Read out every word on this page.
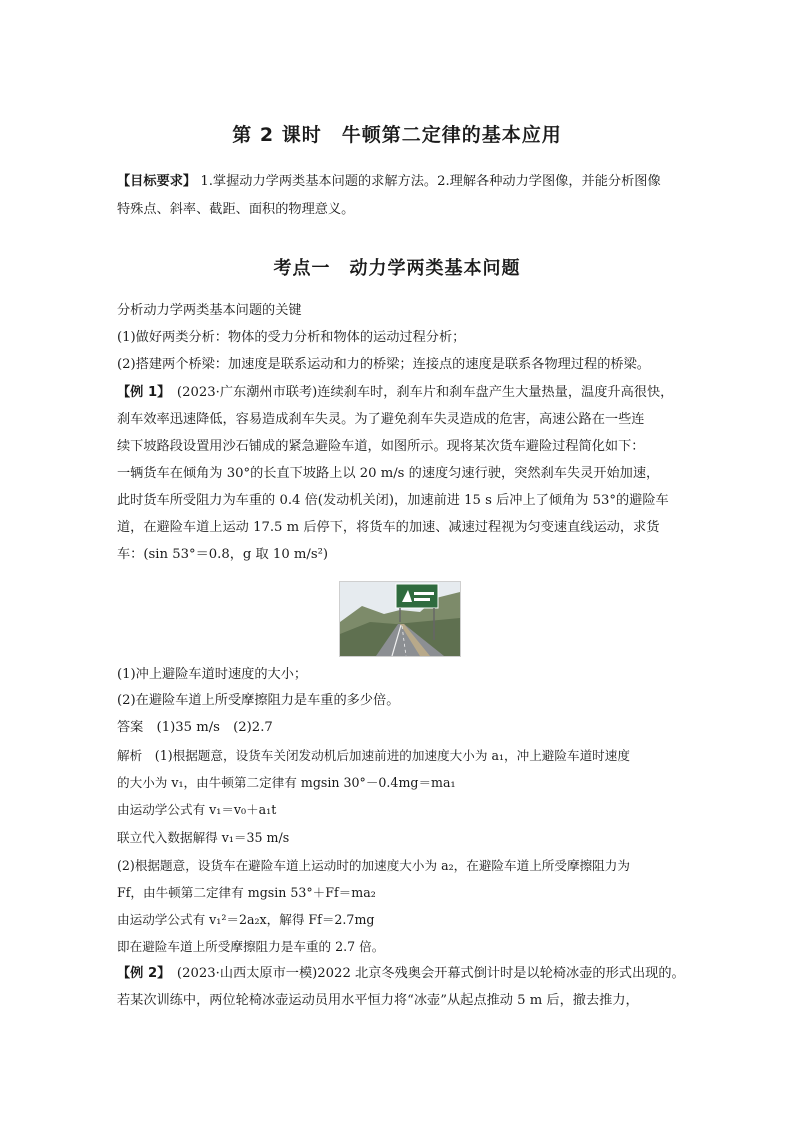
第 2 课时　牛顿第二定律的基本应用
【目标要求】 1.掌握动力学两类基本问题的求解方法。2.理解各种动力学图像，并能分析图像
特殊点、斜率、截距、面积的物理意义。
考点一　动力学两类基本问题
分析动力学两类基本问题的关键
(1)做好两类分析：物体的受力分析和物体的运动过程分析；
(2)搭建两个桥梁：加速度是联系运动和力的桥梁；连接点的速度是联系各物理过程的桥梁。
【例 1】　(2023·广东潮州市联考)连续刹车时，刹车片和刹车盘产生大量热量，温度升高很快，
刹车效率迅速降低，容易造成刹车失灵。为了避免刹车失灵造成的危害，高速公路在一些连
续下坡路段设置用沙石铺成的紧急避险车道，如图所示。现将某次货车避险过程简化如下：
一辆货车在倾角为 30°的长直下坡路上以 20 m/s 的速度匀速行驶，突然刹车失灵开始加速，
此时货车所受阻力为车重的 0.4 倍(发动机关闭)，加速前进 15 s 后冲上了倾角为 53°的避险车
道，在避险车道上运动 17.5 m 后停下，将货车的加速、减速过程视为匀变速直线运动，求货
车：(sin 53°＝0.8，g 取 10 m/s²)
(1)冲上避险车道时速度的大小；
(2)在避险车道上所受摩擦阻力是车重的多少倍。
答案　(1)35 m/s　(2)2.7
解析　(1)根据题意，设货车关闭发动机后加速前进的加速度大小为 a₁，冲上避险车道时速度
的大小为 v₁，由牛顿第二定律有 mgsin 30°－0.4mg＝ma₁
由运动学公式有 v₁＝v₀＋a₁t
联立代入数据解得 v₁＝35 m/s
(2)根据题意，设货车在避险车道上运动时的加速度大小为 a₂，在避险车道上所受摩擦阻力为
Ff，由牛顿第二定律有 mgsin 53°＋Ff＝ma₂
由运动学公式有 v₁²＝2a₂x，解得 Ff＝2.7mg
即在避险车道上所受摩擦阻力是车重的 2.7 倍。
【例 2】　(2023·山西太原市一模)2022 北京冬残奥会开幕式倒计时是以轮椅冰壶的形式出现的。
若某次训练中，两位轮椅冰壶运动员用水平恒力将“冰壶”从起点推动 5 m 后，撤去推力，
